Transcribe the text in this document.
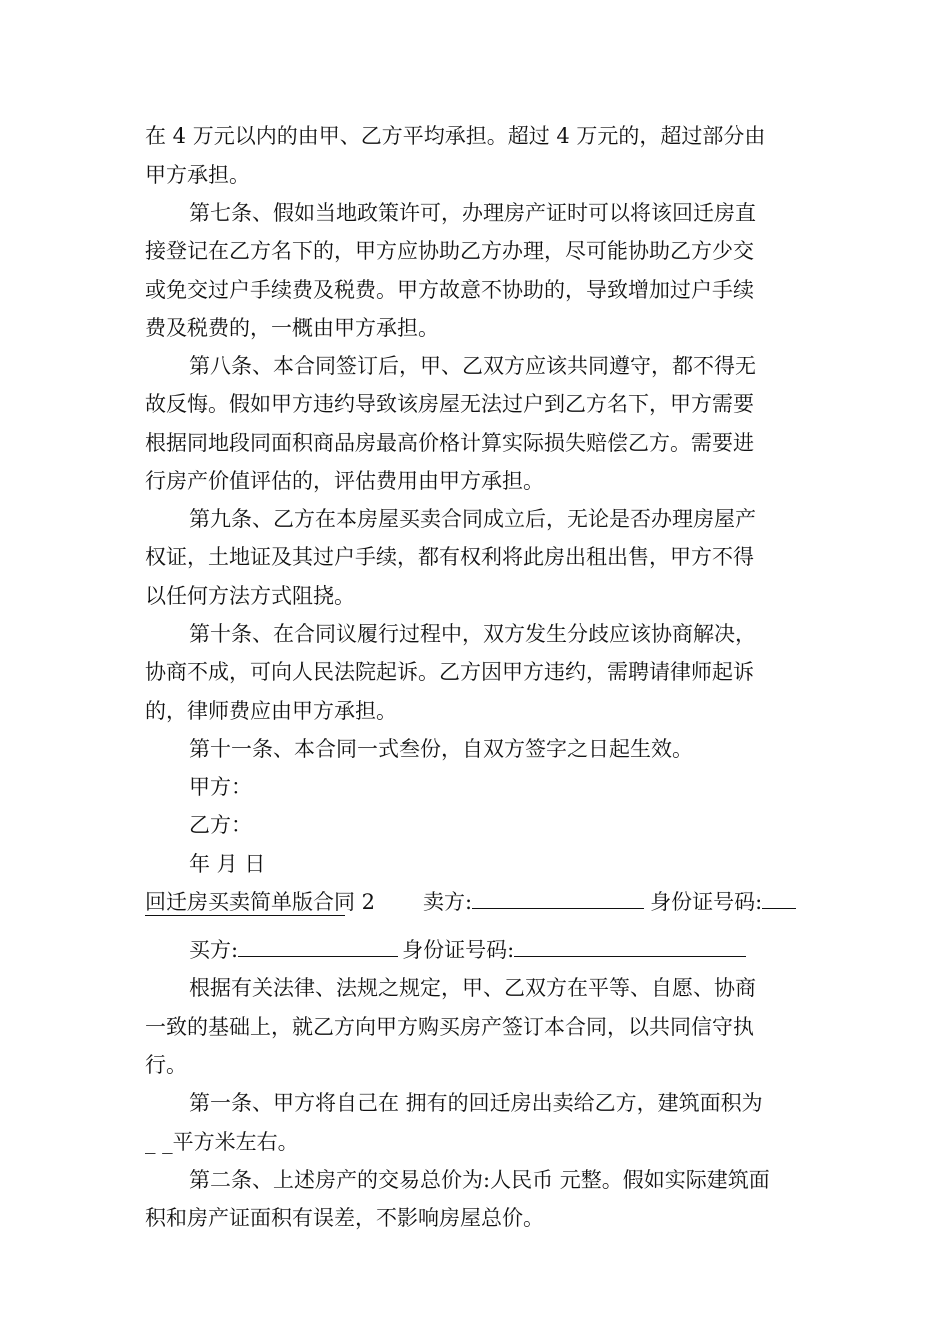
在 4 万元以内的由甲、乙方平均承担。超过 4 万元的，超过部分由
甲方承担。
第七条、假如当地政策许可，办理房产证时可以将该回迁房直
接登记在乙方名下的，甲方应协助乙方办理，尽可能协助乙方少交
或免交过户手续费及税费。甲方故意不协助的，导致增加过户手续
费及税费的，一概由甲方承担。
第八条、本合同签订后，甲、乙双方应该共同遵守，都不得无
故反悔。假如甲方违约导致该房屋无法过户到乙方名下，甲方需要
根据同地段同面积商品房最高价格计算实际损失赔偿乙方。需要进
行房产价值评估的，评估费用由甲方承担。
第九条、乙方在本房屋买卖合同成立后，无论是否办理房屋产
权证，土地证及其过户手续，都有权利将此房出租出售，甲方不得
以任何方法方式阻挠。
第十条、在合同议履行过程中，双方发生分歧应该协商解决，
协商不成，可向人民法院起诉。乙方因甲方违约，需聘请律师起诉
的，律师费应由甲方承担。
第十一条、本合同一式叁份，自双方签字之日起生效。
甲方：
乙方：
年 月 日
回迁房买卖简单版合同 2 卖方:	身份证号码:
买方:	身份证号码:
根据有关法律、法规之规定，甲、乙双方在平等、自愿、协商
一致的基础上，就乙方向甲方购买房产签订本合同，以共同信守执
行。
第一条、甲方将自己在 拥有的回迁房出卖给乙方，建筑面积为
_ _平方米左右。
第二条、上述房产的交易总价为:人民币 元整。假如实际建筑面
积和房产证面积有误差，不影响房屋总价。
